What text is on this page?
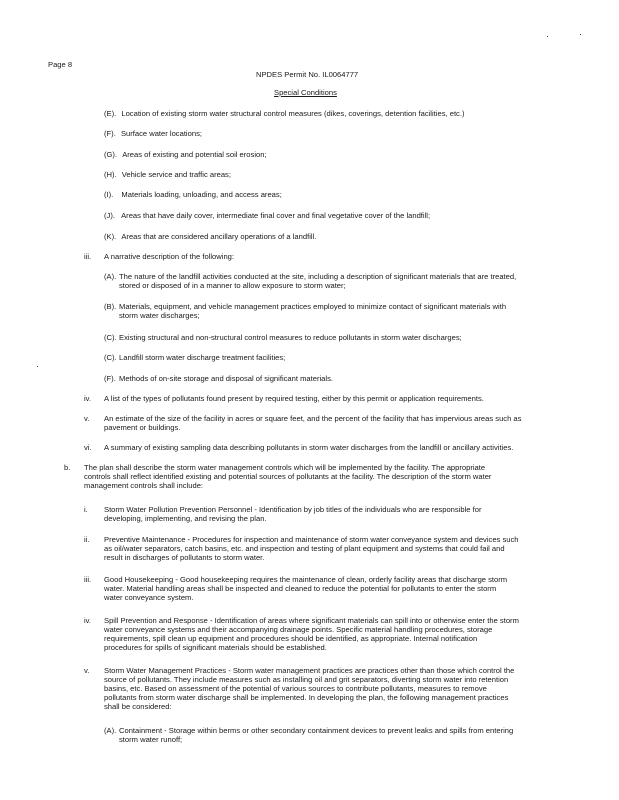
Page 8
NPDES Permit No. IL0064777
Special Conditions
(E). Location of existing storm water structural control measures (dikes, coverings, detention facilities, etc.)
(F). Surface water locations;
(G). Areas of existing and potential soil erosion;
(H). Vehicle service and traffic areas;
(I). Materials loading, unloading, and access areas;
(J). Areas that have daily cover, intermediate final cover and final vegetative cover of the landfill;
(K). Areas that are considered ancillary operations of a landfill.
iii. A narrative description of the following:
(A). The nature of the landfill activities conducted at the site, including a description of significant materials that are treated,
stored or disposed of in a manner to allow exposure to storm water;
(B). Materials, equipment, and vehicle management practices employed to minimize contact of significant materials with
storm water discharges;
(C). Existing structural and non-structural control measures to reduce pollutants in storm water discharges;
(C). Landfill storm water discharge treatment facilities;
(F). Methods of on-site storage and disposal of significant materials.
iv. A list of the types of pollutants found present by required testing, either by this permit or application requirements.
v. An estimate of the size of the facility in acres or square feet, and the percent of the facility that has impervious areas such as
pavement or buildings.
vi. A summary of existing sampling data describing pollutants in storm water discharges from the landfill or ancillary activities.
b. The plan shall describe the storm water management controls which will be implemented by the facility. The appropriate
controls shall reflect identified existing and potential sources of pollutants at the facility. The description of the storm water
management controls shall include:
i. Storm Water Pollution Prevention Personnel - Identification by job titles of the individuals who are responsible for
developing, implementing, and revising the plan.
ii. Preventive Maintenance - Procedures for inspection and maintenance of storm water conveyance system and devices such
as oil/water separators, catch basins, etc. and inspection and testing of plant equipment and systems that could fail and
result in discharges of pollutants to storm water.
iii. Good Housekeeping - Good housekeeping requires the maintenance of clean, orderly facility areas that discharge storm
water. Material handling areas shall be inspected and cleaned to reduce the potential for pollutants to enter the storm
water conveyance system.
iv. Spill Prevention and Response - Identification of areas where significant materials can spill into or otherwise enter the storm
water conveyance systems and their accompanying drainage points. Specific material handling procedures, storage
requirements, spill clean up equipment and procedures should be identified, as appropriate. Internal notification
procedures for spills of significant materials should be established.
v. Storm Water Management Practices - Storm water management practices are practices other than those which control the
source of pollutants. They include measures such as installing oil and grit separators, diverting storm water into retention
basins, etc. Based on assessment of the potential of various sources to contribute pollutants, measures to remove
pollutants from storm water discharge shall be implemented. In developing the plan, the following management practices
shall be considered:
(A). Containment - Storage within berms or other secondary containment devices to prevent leaks and spills from entering
storm water runoff;
